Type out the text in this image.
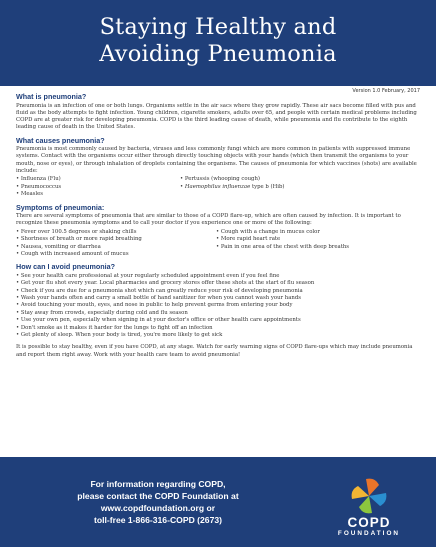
Staying Healthy and
Avoiding Pneumonia
Version 1.0 February, 2017
What is pneumonia?
Pneumonia is an infection of one or both lungs. Organisms settle in the air sacs where they grow rapidly. These air sacs become filled with pus and fluid as the body attempts to fight infection. Young children, cigarette smokers, adults over 65, and people with certain medical problems including COPD are at greater risk for developing pneumonia. COPD is the third leading cause of death, while pneumonia and flu contribute to the eighth leading cause of death in the United States.
What causes pneumonia?
Pneumonia is most commonly caused by bacteria, viruses and less commonly fungi which are more common in patients with suppressed immune systems. Contact with the organisms occur either through directly touching objects with your hands (which then transmit the organisms to your mouth, nose or eyes), or through inhalation of droplets containing the organisms. The causes of pneumonia for which vaccines (shots) are available include:
• Influenza (Flu)
• Pneumococcus
• Measles
• Pertussis (whooping cough)
• Haemophilus influenzae type b (Hib)
Symptoms of pneumonia:
There are several symptoms of pneumonia that are similar to those of a COPD flare-up, which are often caused by infection. It is important to recognize these pneumonia symptoms and to call your doctor if you experience one or more of the following:
• Fever over 100.5 degrees or shaking chills
• Shortness of breath or more rapid breathing
• Nausea, vomiting or diarrhea
• Cough with increased amount of mucus
• Cough with a change in mucus color
• More rapid heart rate
• Pain in one area of the chest with deep breaths
How can I avoid pneumonia?
• See your health care professional at your regularly scheduled appointment even if you feel fine
• Get your flu shot every year. Local pharmacies and grocery stores offer these shots at the start of flu season
• Check if you are due for a pneumonia shot which can greatly reduce your risk of developing pneumonia
• Wash your hands often and carry a small bottle of hand sanitizer for when you cannot wash your hands
• Avoid touching your mouth, eyes, and nose in public to help prevent germs from entering your body
• Stay away from crowds, especially during cold and flu season
• Use your own pen, especially when signing in at your doctor's office or other health care appointments
• Don't smoke as it makes it harder for the lungs to fight off an infection
• Get plenty of sleep. When your body is tired, you're more likely to get sick
It is possible to stay healthy, even if you have COPD, at any stage. Watch for early warning signs of COPD flare-ups which may include pneumonia and report them right away. Work with your health care team to avoid pneumonia!
For information regarding COPD,
please contact the COPD Foundation at
www.copdfoundation.org or
toll-free 1-866-316-COPD (2673)	COPD
FOUNDATION
